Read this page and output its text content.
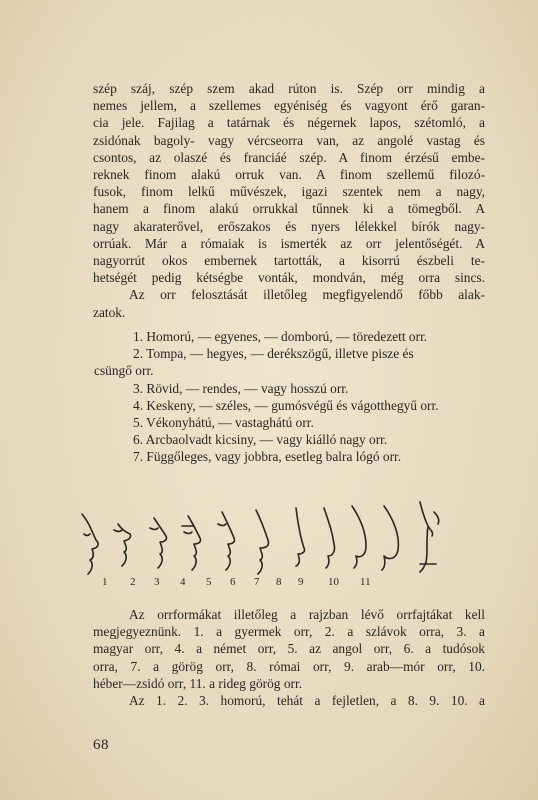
szép száj, szép szem akad rúton is. Szép orr mindig a
nemes jellem, a szellemes egyéniség és vagyont érő garan-
cia jele. Fajilag a tatárnak és négernek lapos, szétomló, a
zsidónak bagoly- vagy vércseorra van, az angolé vastag és
csontos, az olaszé és franciáé szép. A finom érzésű embe-
reknek finom alakú orruk van. A finom szellemű filozó-
fusok, finom lelkű művészek, igazi szentek nem a nagy,
hanem a finom alakú orrukkal tűnnek ki a tömegből. A
nagy akaraterővel, erőszakos és nyers lélekkel bírók nagy-
orrúak. Már a rómaiak is ismerték az orr jelentőségét. A
nagyorrút okos embernek tartották, a kisorrú észbeli te-
hetségét pedig kétségbe vonták, mondván, még orra sincs.
Az orr felosztását illetőleg megfigyelendő főbb alak-
zatok.
1. Homorú, — egyenes, — domború, — töredezett orr.
2. Tompa, — hegyes, — derékszögű, illetve pisze és
csüngő orr.
3. Rövid, — rendes, — vagy hosszú orr.
4. Keskeny, — széles, — gumósvégű és vágotthegyű orr.
5. Vékonyhátú, — vastaghátú orr.
6. Arcbaolvadt kicsiny, — vagy kiálló nagy orr.
7. Függőleges, vagy jobbra, esetleg balra lógó orr.
1 2 3 4 5 6 7 8 9 10 11
Az orrformákat illetőleg a rajzban lévő orrfajtákat kell
megjegyeznünk. 1. a gyermek orr, 2. a szlávok orra, 3. a
magyar orr, 4. a német orr, 5. az angol orr, 6. a tudósok
orra, 7. a görög orr, 8. római orr, 9. arab—mór orr, 10.
héber—zsidó orr, 11. a rideg görög orr.
Az 1. 2. 3. homorú, tehát a fejletlen, a 8. 9. 10. a
68
